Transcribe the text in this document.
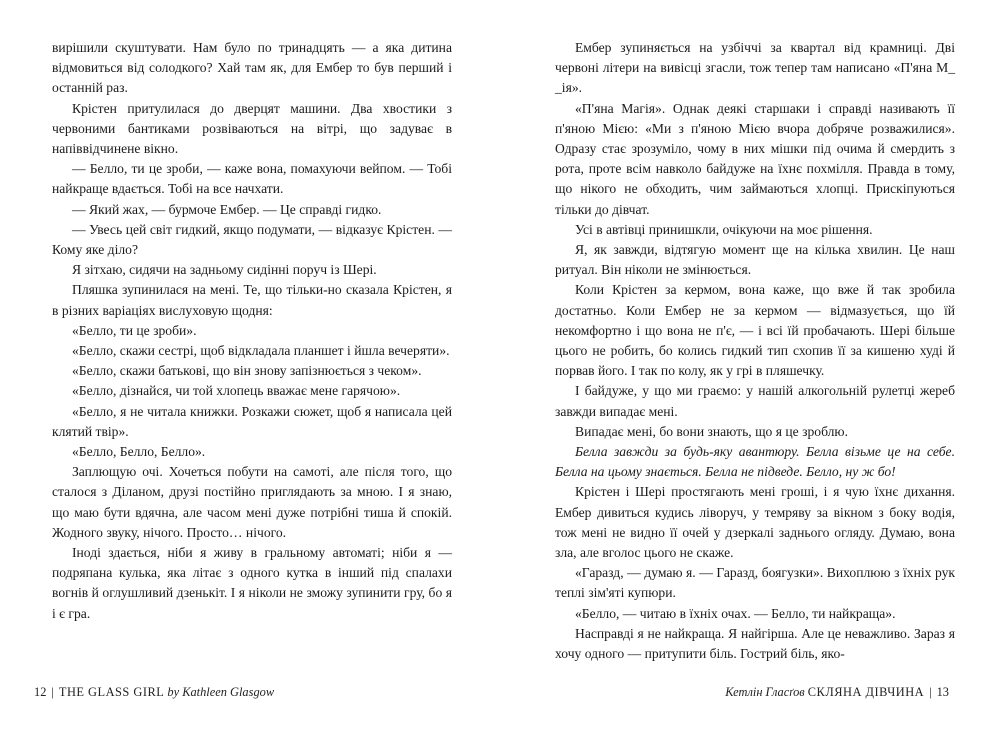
вирішили скуштувати. Нам було по тринадцять — а яка дитина відмовиться від солодкого? Хай там як, для Ембер то був перший і останній раз.

Крістен притулилася до дверцят машини. Два хвостики з червоними бантиками розвіваються на вітрі, що задуває в напіввідчинене вікно.

— Белло, ти це зроби, — каже вона, помахуючи вейпом. — Тобі найкраще вдається. Тобі на все начхати.

— Який жах, — бурмоче Ембер. — Це справді гидко.

— Увесь цей світ гидкий, якщо подумати, — відказує Крістен. — Кому яке діло?

Я зітхаю, сидячи на задньому сидінні поруч із Шері.

Пляшка зупинилася на мені. Те, що тільки-но сказала Крістен, я в різних варіаціях вислуховую щодня:

«Белло, ти це зроби».

«Белло, скажи сестрі, щоб відкладала планшет і йшла вечеряти».

«Белло, скажи батькові, що він знову запізнюється з чеком».

«Белло, дізнайся, чи той хлопець вважає мене гарячою».

«Белло, я не читала книжки. Розкажи сюжет, щоб я написала цей клятий твір».

«Белло, Белло, Белло».

Заплющую очі. Хочеться побути на самоті, але після того, що сталося з Діланом, друзі постійно приглядають за мною. І я знаю, що маю бути вдячна, але часом мені дуже потрібні тиша й спокій. Жодного звуку, нічого. Просто… нічого.

Іноді здається, ніби я живу в гральному автоматі; ніби я — подряпана кулька, яка літає з одного кутка в інший під спалахи вогнів й оглушливий дзенькіт. І я ніколи не зможу зупинити гру, бо я і є гра.

Ембер зупиняється на узбіччі за квартал від крамниці. Дві червоні літери на вивісці згасли, тож тепер там написано «П'яна М_ _ія».

«П'яна Магія». Однак деякі старшаки і справді називають її п'яною Мією: «Ми з п'яною Мією вчора добряче розважилися». Одразу стає зрозуміло, чому в них мішки під очима й смердить з рота, проте всім навколо байдуже на їхнє похмілля. Правда в тому, що нікого не обходить, чим займаються хлопці. Прискіпуються тільки до дівчат.

Усі в автівці принишкли, очікуючи на моє рішення.

Я, як завжди, відтягую момент ще на кілька хвилин. Це наш ритуал. Він ніколи не змінюється.

Коли Крістен за кермом, вона каже, що вже й так зробила достатньо. Коли Ембер не за кермом — відмазується, що їй некомфортно і що вона не п'є, — і всі їй пробачають. Шері більше цього не робить, бо колись гидкий тип схопив її за кишеню худі й порвав його. І так по колу, як у грі в пляшечку.

І байдуже, у що ми граємо: у нашій алкогольній рулетці жереб завжди випадає мені.

Випадає мені, бо вони знають, що я це зроблю.

Белла завжди за будь-яку авантюру. Белла візьме це на себе. Белла на цьому знається. Белла не підведе. Белло, ну ж бо!

Крістен і Шері простягають мені гроші, і я чую їхнє дихання. Ембер дивиться кудись ліворуч, у темряву за вікном з боку водія, тож мені не видно її очей у дзеркалі заднього огляду. Думаю, вона зла, але вголос цього не скаже.

«Гаразд, — думаю я. — Гаразд, боягузки». Вихоплюю з їхніх рук теплі зім'яті купюри.

«Белло, — читаю в їхніх очах. — Белло, ти найкраща».

Насправді я не найкраща. Я найгірша. Але це неважливо. Зараз я хочу одного — притупити біль. Гострий біль, яко-

12 | THE GLASS GIRL by Kathleen Glasgow	Кетлін Гласґов СКЛЯНА ДІВЧИНА | 13
